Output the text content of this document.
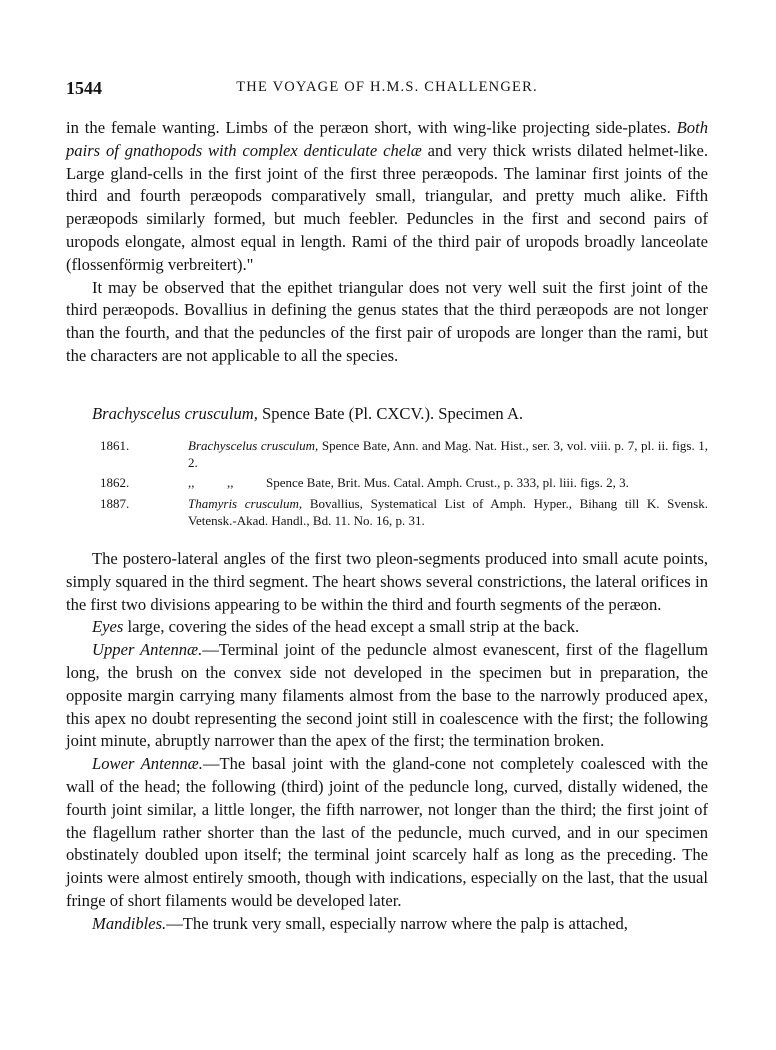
1544	THE VOYAGE OF H.M.S. CHALLENGER.

in the female wanting. Limbs of the peræon short, with wing-like projecting side-plates. Both pairs of gnathopods with complex denticulate chelæ and very thick wrists dilated helmet-like. Large gland-cells in the first joint of the first three peræopods. The laminar first joints of the third and fourth peræopods comparatively small, triangular, and pretty much alike. Fifth peræopods similarly formed, but much feebler. Peduncles in the first and second pairs of uropods elongate, almost equal in length. Rami of the third pair of uropods broadly lanceolate (flossenförmig verbreitert)."

It may be observed that the epithet triangular does not very well suit the first joint of the third peræopods. Bovallius in defining the genus states that the third peræopods are not longer than the fourth, and that the peduncles of the first pair of uropods are longer than the rami, but the characters are not applicable to all the species.

Brachyscelus crusculum, Spence Bate (Pl. CXCV.). Specimen A.
1861.	Brachyscelus crusculum, Spence Bate, Ann. and Mag. Nat. Hist., ser. 3, vol. viii. p. 7, pl. ii. figs. 1, 2.
1862.	,,          ,,          Spence Bate, Brit. Mus. Catal. Amph. Crust., p. 333, pl. liii. figs. 2, 3.
1887.	Thamyris crusculum, Bovallius, Systematical List of Amph. Hyper., Bihang till K. Svensk. Vetensk.-Akad. Handl., Bd. 11. No. 16, p. 31.

The postero-lateral angles of the first two pleon-segments produced into small acute points, simply squared in the third segment. The heart shows several constrictions, the lateral orifices in the first two divisions appearing to be within the third and fourth segments of the peræon.

Eyes large, covering the sides of the head except a small strip at the back.

Upper Antennæ.—Terminal joint of the peduncle almost evanescent, first of the flagellum long, the brush on the convex side not developed in the specimen but in preparation, the opposite margin carrying many filaments almost from the base to the narrowly produced apex, this apex no doubt representing the second joint still in coalescence with the first; the following joint minute, abruptly narrower than the apex of the first; the termination broken.

Lower Antennæ.—The basal joint with the gland-cone not completely coalesced with the wall of the head; the following (third) joint of the peduncle long, curved, distally widened, the fourth joint similar, a little longer, the fifth narrower, not longer than the third; the first joint of the flagellum rather shorter than the last of the peduncle, much curved, and in our specimen obstinately doubled upon itself; the terminal joint scarcely half as long as the preceding. The joints were almost entirely smooth, though with indications, especially on the last, that the usual fringe of short filaments would be developed later.

Mandibles.—The trunk very small, especially narrow where the palp is attached,
